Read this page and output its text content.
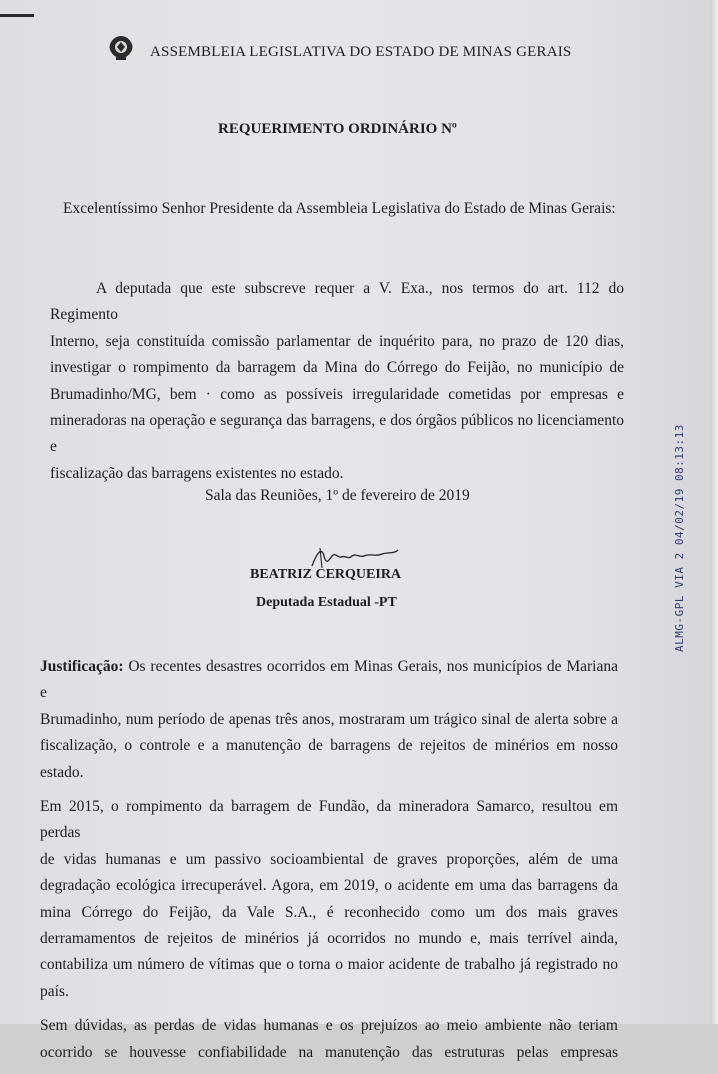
ASSEMBLEIA LEGISLATIVA DO ESTADO DE MINAS GERAIS
REQUERIMENTO ORDINÁRIO Nº
Excelentíssimo Senhor Presidente da Assembleia Legislativa do Estado de Minas Gerais:
A deputada que este subscreve requer a V. Exa., nos termos do art. 112 do Regimento
Interno, seja constituída comissão parlamentar de inquérito para, no prazo de 120 dias,
investigar o rompimento da barragem da Mina do Córrego do Feijão, no município de
Brumadinho/MG, bem · como as possíveis irregularidade cometidas por empresas e
mineradoras na operação e segurança das barragens, e dos órgãos públicos no licenciamento e
fiscalização das barragens existentes no estado.
Sala das Reuniões, 1º de fevereiro de 2019
BEATRIZ CERQUEIRA
Deputada Estadual -PT	ALMG-GPL VIA 2 04/02/19 08:13:13

Justificação: Os recentes desastres ocorridos em Minas Gerais, nos municípios de Mariana e
Brumadinho, num período de apenas três anos, mostraram um trágico sinal de alerta sobre a
fiscalização, o controle e a manutenção de barragens de rejeitos de minérios em nosso estado.

Em 2015, o rompimento da barragem de Fundão, da mineradora Samarco, resultou em perdas
de vidas humanas e um passivo socioambiental de graves proporções, além de uma
degradação ecológica irrecuperável. Agora, em 2019, o acidente em uma das barragens da
mina Córrego do Feijão, da Vale S.A., é reconhecido como um dos mais graves
derramamentos de rejeitos de minérios já ocorridos no mundo e, mais terrível ainda,
contabiliza um número de vítimas que o torna o maior acidente de trabalho já registrado no
país.

Sem dúvidas, as perdas de vidas humanas e os prejuízos ao meio ambiente não teriam
ocorrido se houvesse confiabilidade na manutenção das estruturas pelas empresas
